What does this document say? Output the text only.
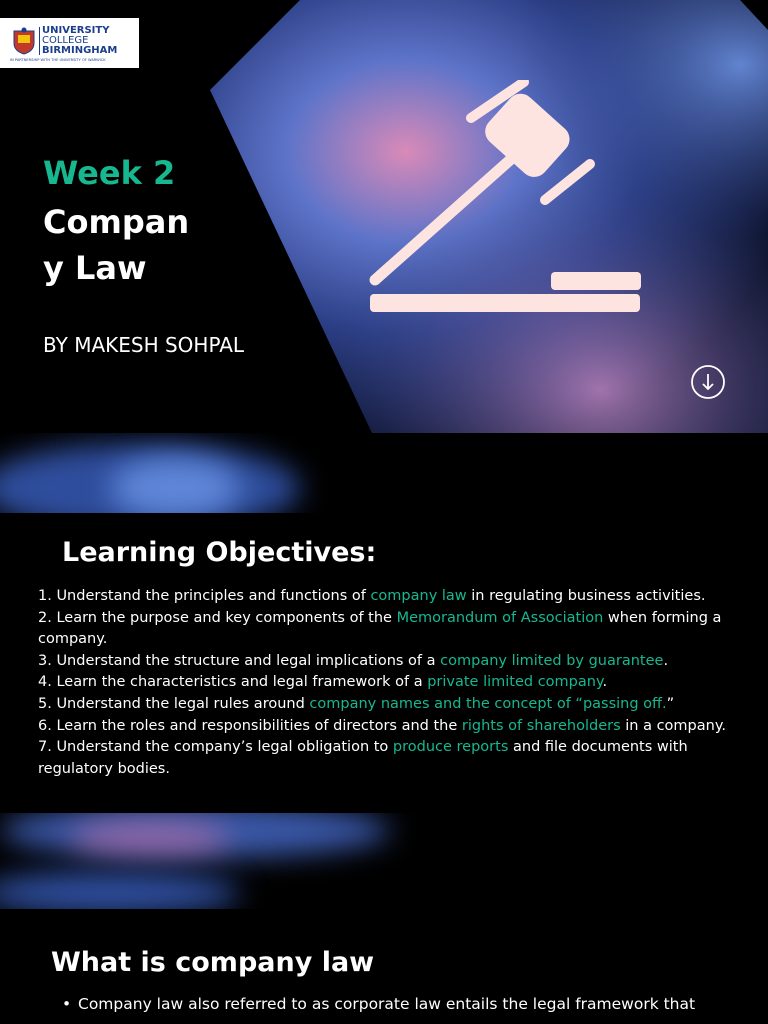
UNIVERSITY
COLLEGE
BIRMINGHAM
IN PARTNERSHIP WITH THE UNIVERSITY OF WARWICK
Week 2
Compan
y Law
BY MAKESH SOHPAL
Learning Objectives:
1. Understand the principles and functions of company law in regulating business activities.
2. Learn the purpose and key components of the Memorandum of Association when forming a company.
3. Understand the structure and legal implications of a company limited by guarantee.
4. Learn the characteristics and legal framework of a private limited company.
5. Understand the legal rules around company names and the concept of “passing off.”
6. Learn the roles and responsibilities of directors and the rights of shareholders in a company.
7. Understand the company’s legal obligation to produce reports and file documents with regulatory bodies.
What is company law
• Company law also referred to as corporate law entails the legal framework that
